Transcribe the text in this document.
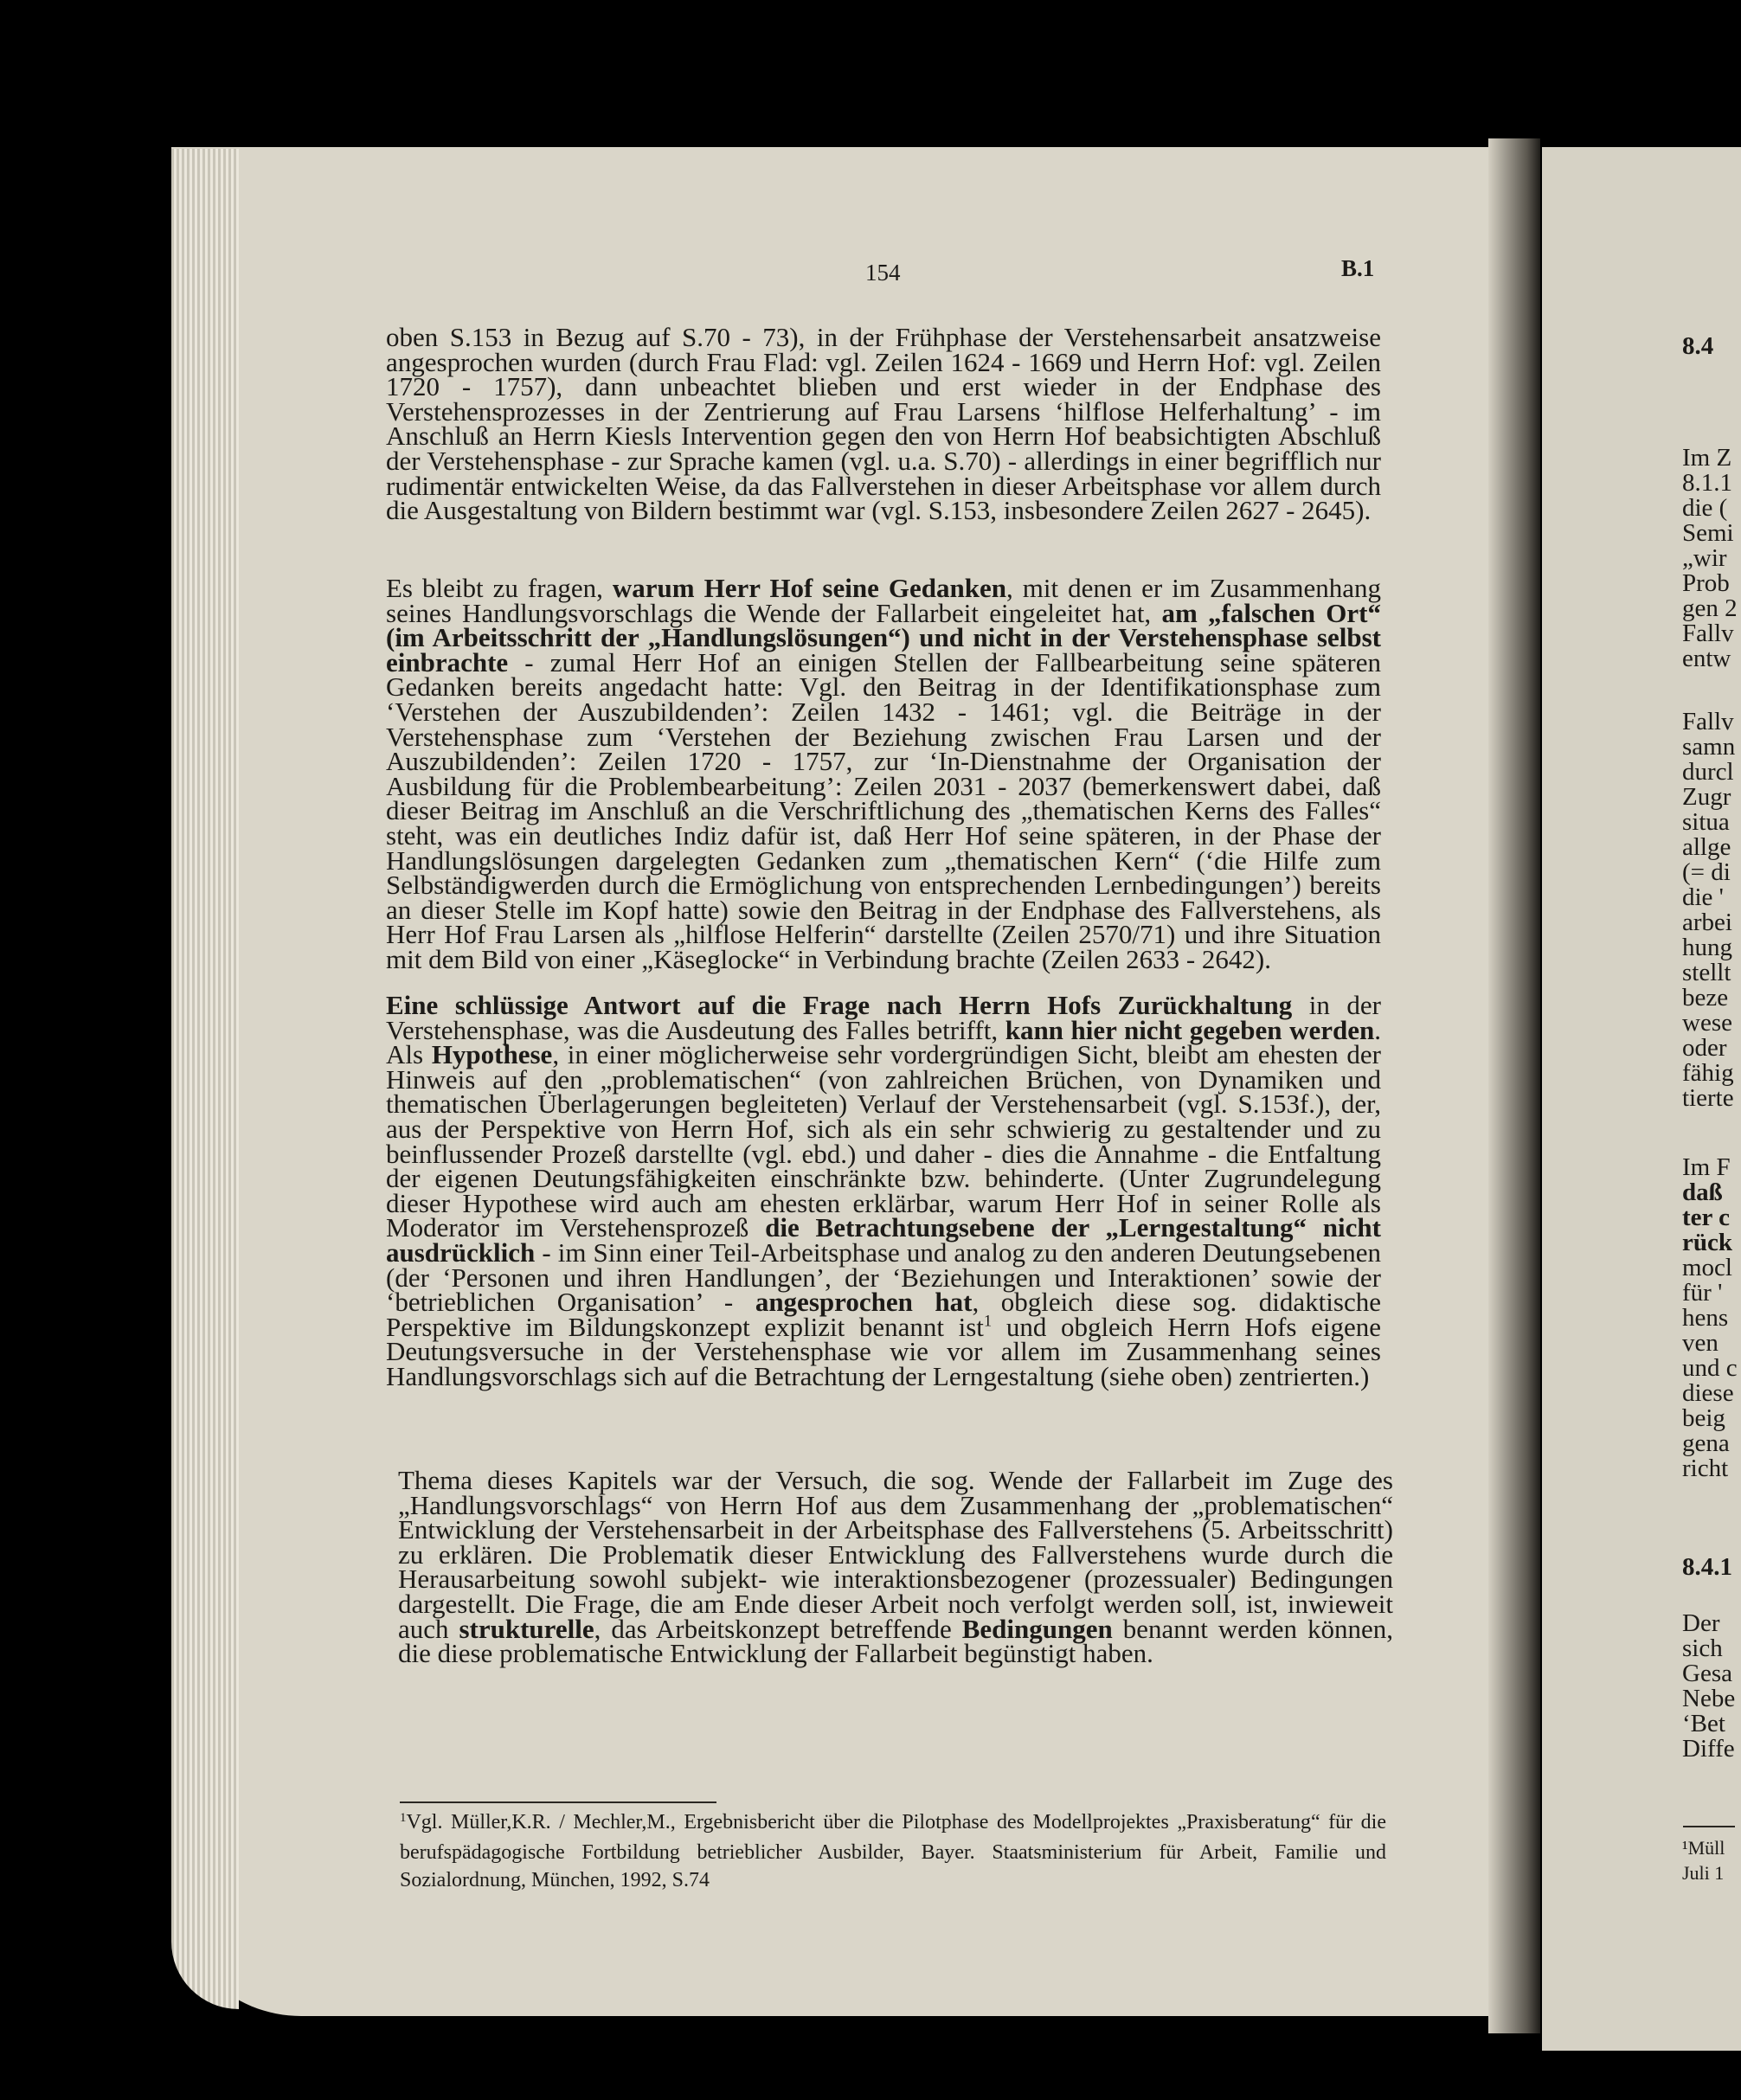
154	B.1

oben S.153 in Bezug auf S.70 - 73), in der Frühphase der Verstehensarbeit ansatzweise angesprochen wurden (durch Frau Flad: vgl. Zeilen 1624 - 1669 und Herrn Hof: vgl. Zeilen 1720 - 1757), dann unbeachtet blieben und erst wieder in der Endphase des Verstehensprozesses in der Zentrierung auf Frau Larsens ‘hilflose Helferhaltung’ - im Anschluß an Herrn Kiesls Intervention gegen den von Herrn Hof beabsichtigten Abschluß der Verstehensphase - zur Sprache kamen (vgl. u.a. S.70) - allerdings in einer begrifflich nur rudimentär entwickelten Weise, da das Fallverstehen in dieser Arbeitsphase vor allem durch die Ausgestaltung von Bildern bestimmt war (vgl. S.153, insbesondere Zeilen 2627 - 2645).

Es bleibt zu fragen, warum Herr Hof seine Gedanken, mit denen er im Zusammenhang seines Handlungsvorschlags die Wende der Fallarbeit eingeleitet hat, am „falschen Ort“ (im Arbeitsschritt der „Handlungslösungen“) und nicht in der Verstehensphase selbst einbrachte - zumal Herr Hof an einigen Stellen der Fallbearbeitung seine späteren Gedanken bereits angedacht hatte: Vgl. den Beitrag in der Identifikationsphase zum ‘Verstehen der Auszubildenden’: Zeilen 1432 - 1461; vgl. die Beiträge in der Verstehensphase zum ‘Verstehen der Beziehung zwischen Frau Larsen und der Auszubildenden’: Zeilen 1720 - 1757, zur ‘In-Dienstnahme der Organisation der Ausbildung für die Problembearbeitung’: Zeilen 2031 - 2037 (bemerkenswert dabei, daß dieser Beitrag im Anschluß an die Verschriftlichung des „thematischen Kerns des Falles“ steht, was ein deutliches Indiz dafür ist, daß Herr Hof seine späteren, in der Phase der Handlungslösungen dargelegten Gedanken zum „thematischen Kern“ (‘die Hilfe zum Selbständigwerden durch die Ermöglichung von entsprechenden Lernbedingungen’) bereits an dieser Stelle im Kopf hatte) sowie den Beitrag in der Endphase des Fallverstehens, als Herr Hof Frau Larsen als „hilflose Helferin“ darstellte (Zeilen 2570/71) und ihre Situation mit dem Bild von einer „Käseglocke“ in Verbindung brachte (Zeilen 2633 - 2642).

Eine schlüssige Antwort auf die Frage nach Herrn Hofs Zurückhaltung in der Verstehensphase, was die Ausdeutung des Falles betrifft, kann hier nicht gegeben werden. Als Hypothese, in einer möglicherweise sehr vordergründigen Sicht, bleibt am ehesten der Hinweis auf den „problematischen“ (von zahlreichen Brüchen, von Dynamiken und thematischen Überlagerungen begleiteten) Verlauf der Verstehensarbeit (vgl. S.153f.), der, aus der Perspektive von Herrn Hof, sich als ein sehr schwierig zu gestaltender und zu beinflussender Prozeß darstellte (vgl. ebd.) und daher - dies die Annahme - die Entfaltung der eigenen Deutungsfähigkeiten einschränkte bzw. behinderte. (Unter Zugrundelegung dieser Hypothese wird auch am ehesten erklärbar, warum Herr Hof in seiner Rolle als Moderator im Verstehensprozeß die Betrachtungsebene der „Lerngestaltung“ nicht ausdrücklich - im Sinn einer Teil-Arbeitsphase und analog zu den anderen Deutungsebenen (der ‘Personen und ihren Handlungen’, der ‘Beziehungen und Interaktionen’ sowie der ‘betrieblichen Organisation’ - angesprochen hat, obgleich diese sog. didaktische Perspektive im Bildungskonzept explizit benannt ist$^1$ und obgleich Herrn Hofs eigene Deutungsversuche in der Verstehensphase wie vor allem im Zusammenhang seines Handlungsvorschlags sich auf die Betrachtung der Lerngestaltung (siehe oben) zentrierten.)

Thema dieses Kapitels war der Versuch, die sog. Wende der Fallarbeit im Zuge des „Handlungsvorschlags“ von Herrn Hof aus dem Zusammenhang der „problematischen“ Entwicklung der Verstehensarbeit in der Arbeitsphase des Fallverstehens (5. Arbeitsschritt) zu erklären. Die Problematik dieser Entwicklung des Fallverstehens wurde durch die Herausarbeitung sowohl subjekt- wie interaktionsbezogener (prozessualer) Bedingungen dargestellt. Die Frage, die am Ende dieser Arbeit noch verfolgt werden soll, ist, inwieweit auch strukturelle, das Arbeitskonzept betreffende Bedingungen benannt werden können, die diese problematische Entwicklung der Fallarbeit begünstigt haben.

$^1$Vgl. Müller,K.R. / Mechler,M., Ergebnisbericht über die Pilotphase des Modellprojektes „Praxisberatung“ für die berufspädagogische Fortbildung betrieblicher Ausbilder, Bayer. Staatsministerium für Arbeit, Familie und Sozialordnung, München, 1992, S.74

8.4

Im Z

8.1.1

die (

Semi

„wir

Prob

gen 2

Fallv

entw

Fallv

samn

durcl

Zugr

situa

allge

(= di

die '

arbei

hung

stellt

beze

wese

oder

fähig

tierte

Im F

daß

ter c

rück

mocl

für '

hens

ven

und c

diese

beig

gena

richt

8.4.1

Der

sich

Gesa

Nebe

‘Bet

Diffe

¹Müll

Juli 1
